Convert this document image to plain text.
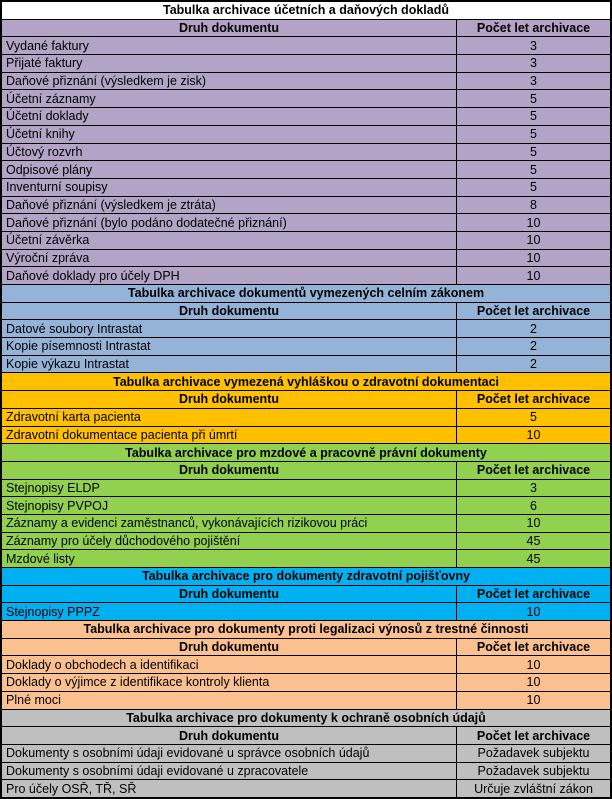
Tabulka archivace účetních a daňových dokladů
Druh dokumentu	Počet let archivace
Vydané faktury	3
Přijaté faktury	3
Daňové přiznání (výsledkem je zisk)	3
Účetní záznamy	5
Účetní doklady	5
Účetní knihy	5
Účtový rozvrh	5
Odpisové plány	5
Inventurní soupisy	5
Daňové přiznání (výsledkem je ztráta)	8
Daňové přiznání (bylo podáno dodatečné přiznání)	10
Účetní závěrka	10
Výroční zpráva	10
Daňové doklady pro účely DPH	10
Tabulka archivace dokumentů vymezených celním zákonem
Druh dokumentu	Počet let archivace
Datové soubory Intrastat	2
Kopie písemnosti Intrastat	2
Kopie výkazu Intrastat	2
Tabulka archivace vymezená vyhláškou o zdravotní dokumentaci
Druh dokumentu	Počet let archivace
Zdravotní karta pacienta	5
Zdravotní dokumentace pacienta při úmrtí	10
Tabulka archivace pro mzdové a pracovně právní dokumenty
Druh dokumentu	Počet let archivace
Stejnopisy ELDP	3
Stejnopisy PVPOJ	6
Záznamy a evidenci zaměstnanců, vykonávajících rizikovou práci	10
Záznamy pro účely důchodového pojištění	45
Mzdové listy	45
Tabulka archivace pro dokumenty zdravotní pojišťovny
Druh dokumentu	Počet let archivace
Stejnopisy PPPZ	10
Tabulka archivace pro dokumenty proti legalizaci výnosů z trestné činnosti
Druh dokumentu	Počet let archivace
Doklady o obchodech a identifikaci	10
Doklady o výjimce z identifikace kontroly klienta	10
Plné moci	10
Tabulka archivace pro dokumenty k ochraně osobních údajů
Druh dokumentu	Počet let archivace
Dokumenty s osobními údaji evidované u správce osobních údajů	Požadavek subjektu
Dokumenty s osobními údaji evidované u zpracovatele	Požadavek subjektu
Pro účely OSŘ, TŘ, SŘ	Určuje zvláštní zákon
